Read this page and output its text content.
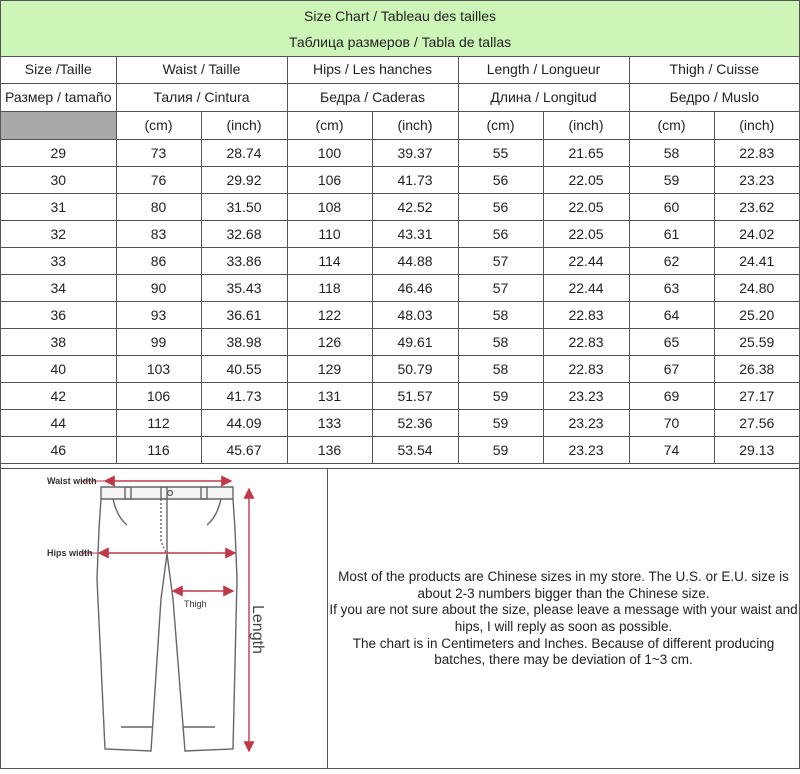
Size Chart / Tableau des tailles
Таблица размеров / Tabla de tallas
Size /Taille	Waist / Taille		Hips / Les hanches		Length / Longueur		Thigh / Cuisse	
Размер / tamaño	Талия / Cintura		Бедра / Caderas		Длина / Longitud		Бедро / Muslo	
	(cm)	(inch)	(cm)	(inch)	(cm)	(inch)	(cm)	(inch)
29	73	28.74	100	39.37	55	21.65	58	22.83
30	76	29.92	106	41.73	56	22.05	59	23.23
31	80	31.50	108	42.52	56	22.05	60	23.62
32	83	32.68	110	43.31	56	22.05	61	24.02
33	86	33.86	114	44.88	57	22.44	62	24.41
34	90	35.43	118	46.46	57	22.44	63	24.80
36	93	36.61	122	48.03	58	22.83	64	25.20
38	99	38.98	126	49.61	58	22.83	65	25.59
40	103	40.55	129	50.79	58	22.83	67	26.38
42	106	41.73	131	51.57	59	23.23	69	27.17
44	112	44.09	133	52.36	59	23.23	70	27.56
46	116	45.67	136	53.54	59	23.23	74	29.13
Waist width
Hips width
Thigh
Length
Most of the products are Chinese sizes in my store. The U.S. or E.U. size is
about 2-3 numbers bigger than the Chinese size.
If you are not sure about the size, please leave a message with your waist and
hips, I will reply as soon as possible.
The chart is in Centimeters and Inches. Because of different producing
batches, there may be deviation of 1~3 cm.
